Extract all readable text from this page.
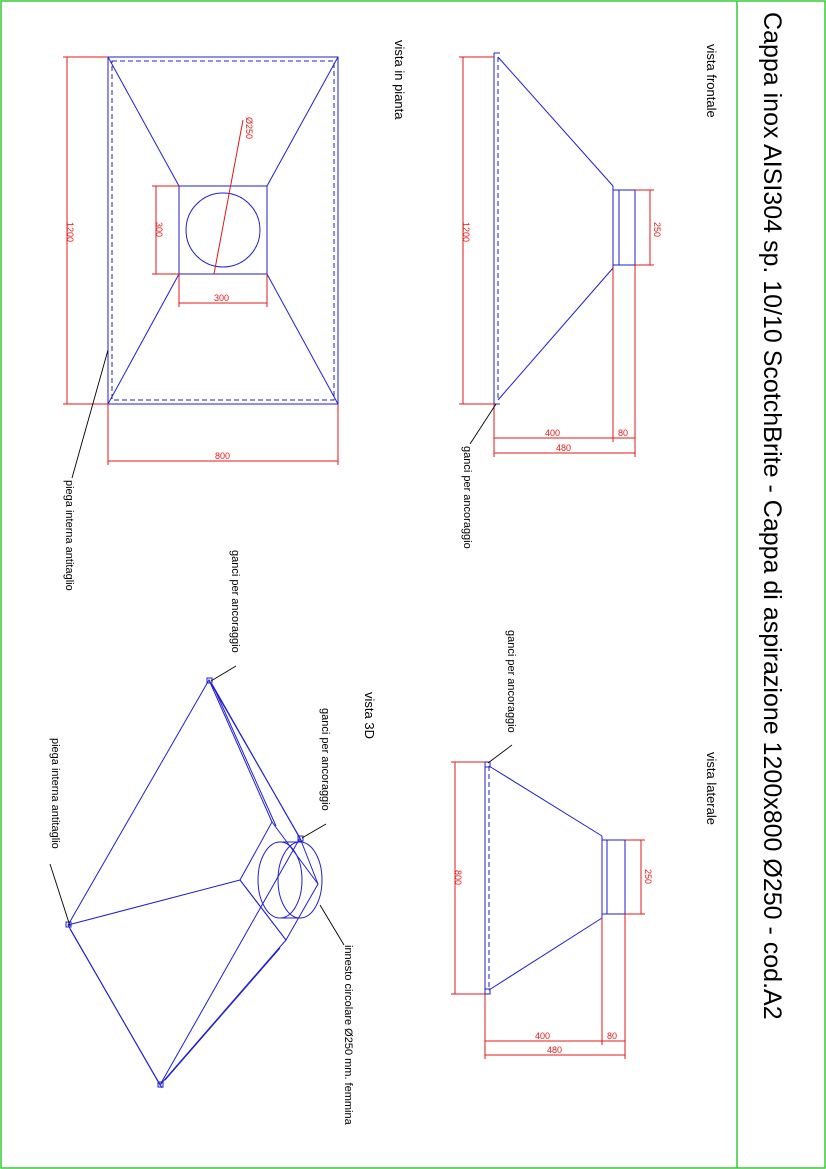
Cappa inox AISI304 sp. 10/10 ScotchBrite - Cappa di aspirazione 1200x800 Ø250 - cod.A2
vista frontale
vista in pianta
vista laterale
vista 3D
Ø250
1200
800
300
300
piega interna antitaglio
1200	250
400	80
480
ganci per ancoraggio
800	250
400	80
480
ganci per ancoraggio
ganci per ancoraggio
ganci per ancoraggio
piega interna antitaglio
innesto circolare Ø250 mm. femmina
